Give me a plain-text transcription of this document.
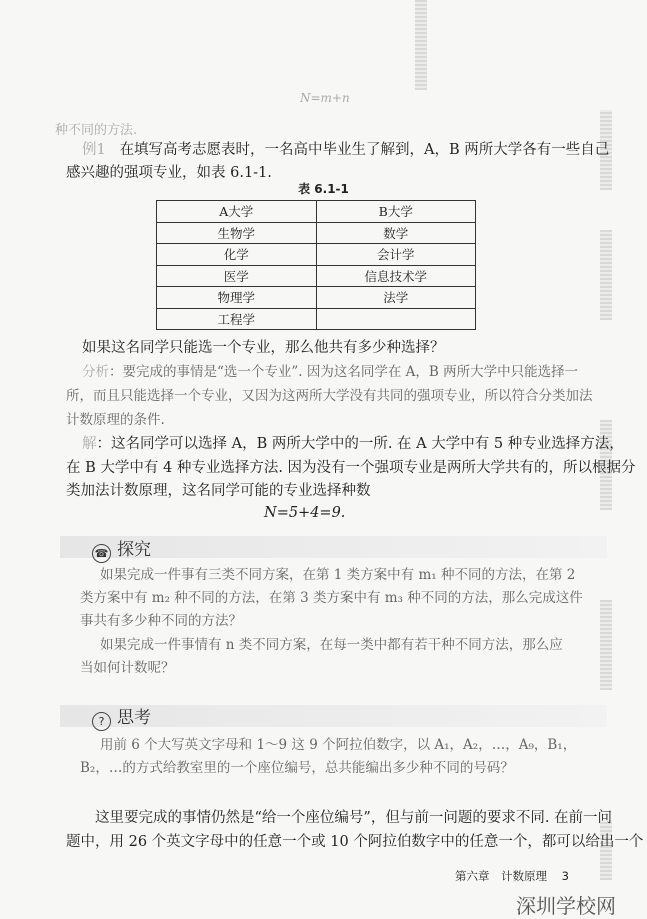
N=m+n
种不同的方法.
例1 在填写高考志愿表时，一名高中毕业生了解到，A，B 两所大学各有一些自己
感兴趣的强项专业，如表 6.1-1.
表 6.1-1
A大学	B大学
生物学	数学
化学	会计学
医学	信息技术学
物理学	法学
工程学	
如果这名同学只能选一个专业，那么他共有多少种选择？
分析：要完成的事情是“选一个专业”. 因为这名同学在 A，B 两所大学中只能选择一
所，而且只能选择一个专业，又因为这两所大学没有共同的强项专业，所以符合分类加法
计数原理的条件.
解：这名同学可以选择 A，B 两所大学中的一所. 在 A 大学中有 5 种专业选择方法，
在 B 大学中有 4 种专业选择方法. 因为没有一个强项专业是两所大学共有的，所以根据分
类加法计数原理，这名同学可能的专业选择种数
N=5+4=9.
☎ 探究
如果完成一件事有三类不同方案，在第 1 类方案中有 m₁ 种不同的方法，在第 2
类方案中有 m₂ 种不同的方法，在第 3 类方案中有 m₃ 种不同的方法，那么完成这件
事共有多少种不同的方法？
如果完成一件事情有 n 类不同方案，在每一类中都有若干种不同方法，那么应
当如何计数呢？
? 思考
用前 6 个大写英文字母和 1～9 这 9 个阿拉伯数字，以 A₁，A₂，…，A₉，B₁，
B₂，…的方式给教室里的一个座位编号，总共能编出多少种不同的号码？
这里要完成的事情仍然是“给一个座位编号”，但与前一问题的要求不同. 在前一问
题中，用 26 个英文字母中的任意一个或 10 个阿拉伯数字中的任意一个，都可以给出一个
第六章　计数原理 3
深圳学校网
